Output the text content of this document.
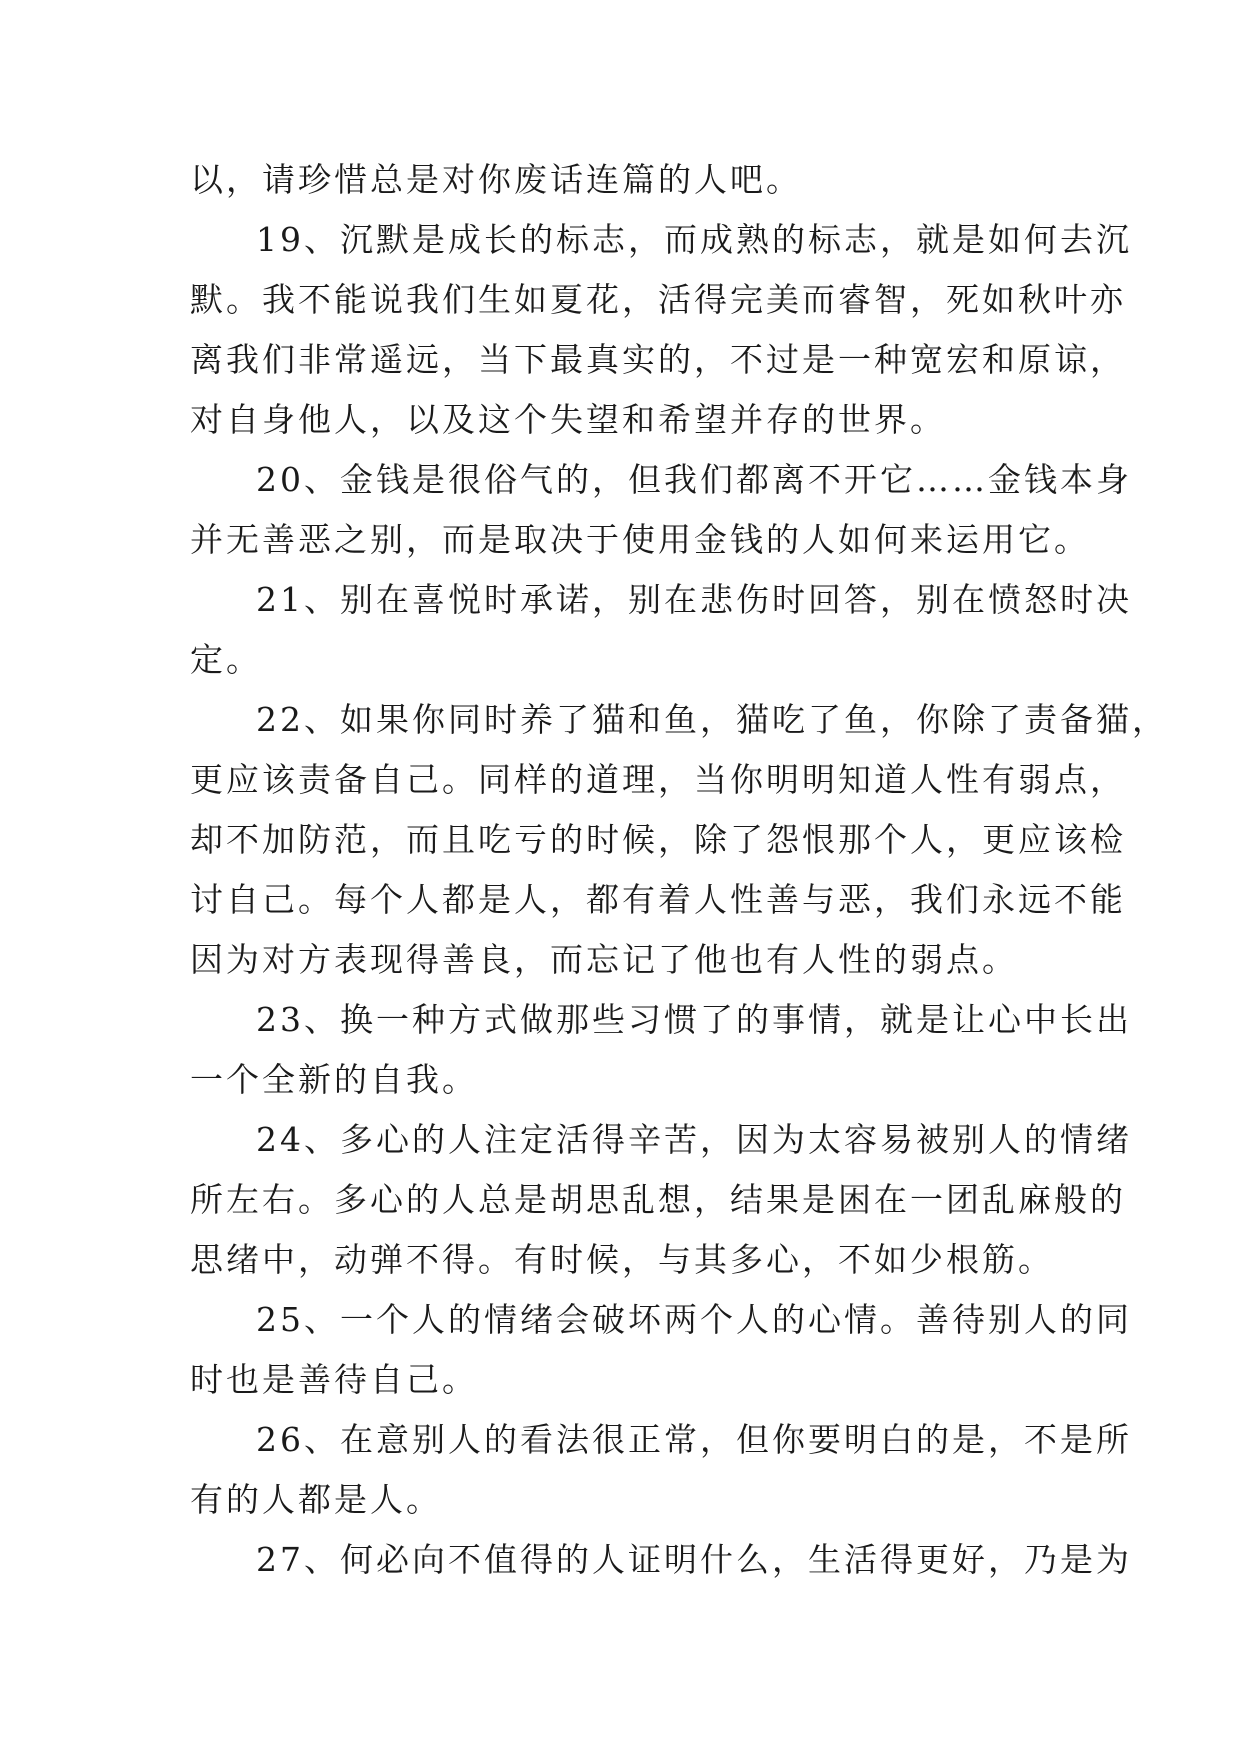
以，请珍惜总是对你废话连篇的人吧。
19、沉默是成长的标志，而成熟的标志，就是如何去沉
默。我不能说我们生如夏花，活得完美而睿智，死如秋叶亦
离我们非常遥远，当下最真实的，不过是一种宽宏和原谅，
对自身他人，以及这个失望和希望并存的世界。
20、金钱是很俗气的，但我们都离不开它……金钱本身
并无善恶之别，而是取决于使用金钱的人如何来运用它。
21、别在喜悦时承诺，别在悲伤时回答，别在愤怒时决
定。
22、如果你同时养了猫和鱼，猫吃了鱼，你除了责备猫，
更应该责备自己。同样的道理，当你明明知道人性有弱点，
却不加防范，而且吃亏的时候，除了怨恨那个人，更应该检
讨自己。每个人都是人，都有着人性善与恶，我们永远不能
因为对方表现得善良，而忘记了他也有人性的弱点。
23、换一种方式做那些习惯了的事情，就是让心中长出
一个全新的自我。
24、多心的人注定活得辛苦，因为太容易被别人的情绪
所左右。多心的人总是胡思乱想，结果是困在一团乱麻般的
思绪中，动弹不得。有时候，与其多心，不如少根筋。
25、一个人的情绪会破坏两个人的心情。善待别人的同
时也是善待自己。
26、在意别人的看法很正常，但你要明白的是，不是所
有的人都是人。
27、何必向不值得的人证明什么，生活得更好，乃是为
